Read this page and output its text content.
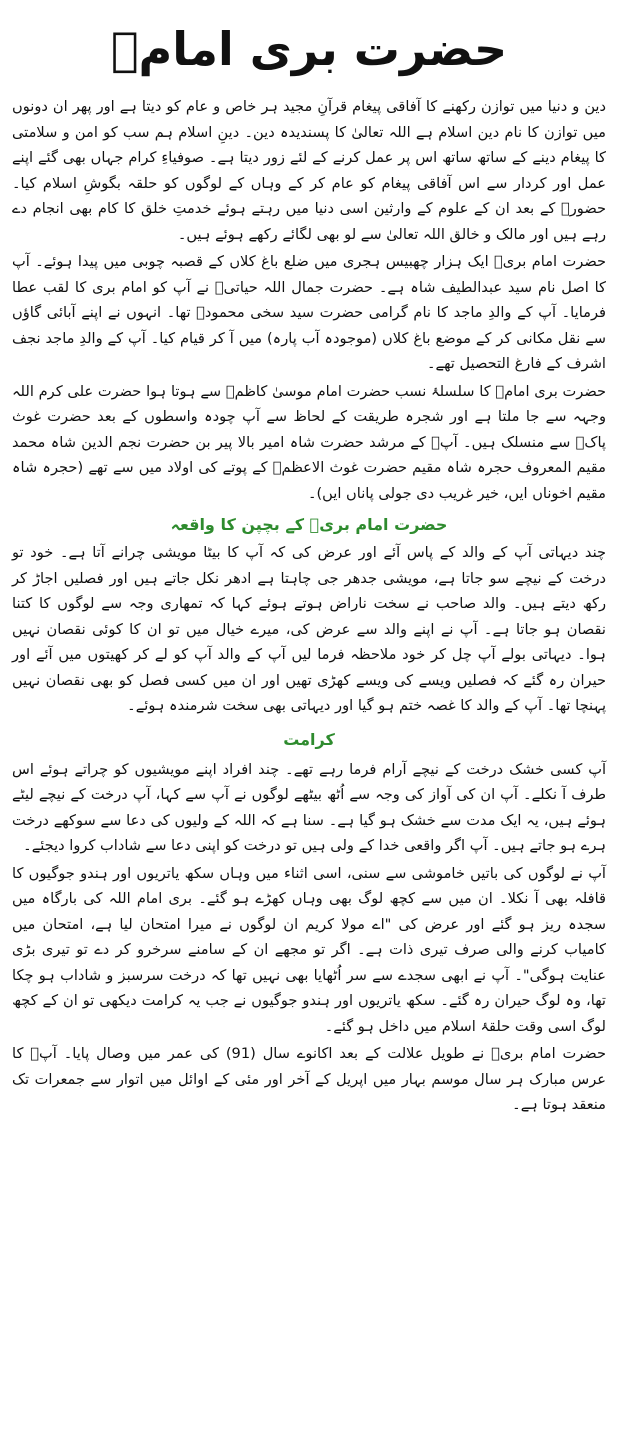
حضرت بری امامؒ

دین و دنیا میں توازن رکھنے کا آفاقی پیغام قرآنِ مجید ہر خاص و عام کو دیتا ہے اور پھر ان دونوں میں توازن کا نام دین اسلام ہے اللہ تعالیٰ کا پسندیدہ دین۔ دینِ اسلام ہم سب کو امن و سلامتی کا پیغام دینے کے ساتھ ساتھ اس پر عمل کرنے کے لئے زور دیتا ہے۔ صوفیاءِ کرام جہاں بھی گئے اپنے عمل اور کردار سے اس آفاقی پیغام کو عام کر کے وہاں کے لوگوں کو حلقہ بگوشِ اسلام کیا۔ حضورؐ کے بعد ان کے علوم کے وارثین اسی دنیا میں رہتے ہوئے خدمتِ خلق کا کام بھی انجام دے رہے ہیں اور مالک و خالق اللہ تعالیٰ سے لو بھی لگائے رکھے ہوئے ہیں۔

حضرت امام بریؒ ایک ہزار چھبیس ہجری میں ضلع باغ کلاں کے قصبہ چوبی میں پیدا ہوئے۔ آپ کا اصل نام سید عبدالطیف شاہ ہے۔ حضرت جمال اللہ حیاتیؒ نے آپ کو امام بری کا لقب عطا فرمایا۔ آپ کے والدِ ماجد کا نام گرامی حضرت سید سخی محمودؒ تھا۔ انہوں نے اپنے آبائی گاؤں سے نقل مکانی کر کے موضع باغ کلاں (موجودہ آب پارہ) میں آ کر قیام کیا۔ آپ کے والدِ ماجد نجف اشرف کے فارغ التحصیل تھے۔

حضرت بری امامؒ کا سلسلۂ نسب حضرت امام موسیٰ کاظمؒ سے ہوتا ہوا حضرت علی کرم اللہ وجہہ سے جا ملتا ہے اور شجرہ طریقت کے لحاظ سے آپ چودہ واسطوں کے بعد حضرت غوث پاکؒ سے منسلک ہیں۔ آپؒ کے مرشد حضرت شاہ امیر بالا پیر بن حضرت نجم الدین شاہ محمد مقیم المعروف حجرہ شاہ مقیم حضرت غوث الاعظمؒ کے پوتے کی اولاد میں سے تھے (حجرہ شاہ مقیم اخوناں ایں، خیر غریب دی جولی پاناں ایں)۔

حضرت امام بریؒ کے بچپن کا واقعہ

چند دیہاتی آپ کے والد کے پاس آئے اور عرض کی کہ آپ کا بیٹا مویشی چرانے آتا ہے۔ خود تو درخت کے نیچے سو جاتا ہے، مویشی جدھر جی چاہتا ہے ادھر نکل جاتے ہیں اور فصلیں اجاڑ کر رکھ دیتے ہیں۔ والد صاحب نے سخت ناراض ہوتے ہوئے کہا کہ تمھاری وجہ سے لوگوں کا کتنا نقصان ہو جاتا ہے۔ آپ نے اپنے والد سے عرض کی، میرے خیال میں تو ان کا کوئی نقصان نہیں ہوا۔ دیہاتی بولے آپ چل کر خود ملاحظہ فرما لیں آپ کے والد آپ کو لے کر کھیتوں میں آئے اور حیران رہ گئے کہ فصلیں ویسے کی ویسے کھڑی تھیں اور ان میں کسی فصل کو بھی نقصان نہیں پہنچا تھا۔ آپ کے والد کا غصہ ختم ہو گیا اور دیہاتی بھی سخت شرمندہ ہوئے۔

کرامت

آپ کسی خشک درخت کے نیچے آرام فرما رہے تھے۔ چند افراد اپنے مویشیوں کو چراتے ہوئے اس طرف آ نکلے۔ آپ ان کی آواز کی وجہ سے اُٹھ بیٹھے لوگوں نے آپ سے کہا، آپ درخت کے نیچے لیٹے ہوئے ہیں، یہ ایک مدت سے خشک ہو گیا ہے۔ سنا ہے کہ اللہ کے ولیوں کی دعا سے سوکھے درخت ہرے ہو جاتے ہیں۔ آپ اگر واقعی خدا کے ولی ہیں تو درخت کو اپنی دعا سے شاداب کروا دیجئے۔

آپ نے لوگوں کی باتیں خاموشی سے سنی، اسی اثناء میں وہاں سکھ یاتریوں اور ہندو جوگیوں کا قافلہ بھی آ نکلا۔ ان میں سے کچھ لوگ بھی وہاں کھڑے ہو گئے۔ بری امام اللہ کی بارگاہ میں سجدہ ریز ہو گئے اور عرض کی "اے مولا کریم ان لوگوں نے میرا امتحان لیا ہے، امتحان میں کامیاب کرنے والی صرف تیری ذات ہے۔ اگر تو مجھے ان کے سامنے سرخرو کر دے تو تیری بڑی عنایت ہوگی"۔ آپ نے ابھی سجدے سے سر اُٹھایا بھی نہیں تھا کہ درخت سرسبز و شاداب ہو چکا تھا، وہ لوگ حیران رہ گئے۔ سکھ یاتریوں اور ہندو جوگیوں نے جب یہ کرامت دیکھی تو ان کے کچھ لوگ اسی وقت حلقۂ اسلام میں داخل ہو گئے۔

حضرت امام بریؒ نے طویل علالت کے بعد اکانوے سال (91) کی عمر میں وصال پایا۔ آپؒ کا عرس مبارک ہر سال موسم بہار میں اپریل کے آخر اور مئی کے اوائل میں اتوار سے جمعرات تک منعقد ہوتا ہے۔
